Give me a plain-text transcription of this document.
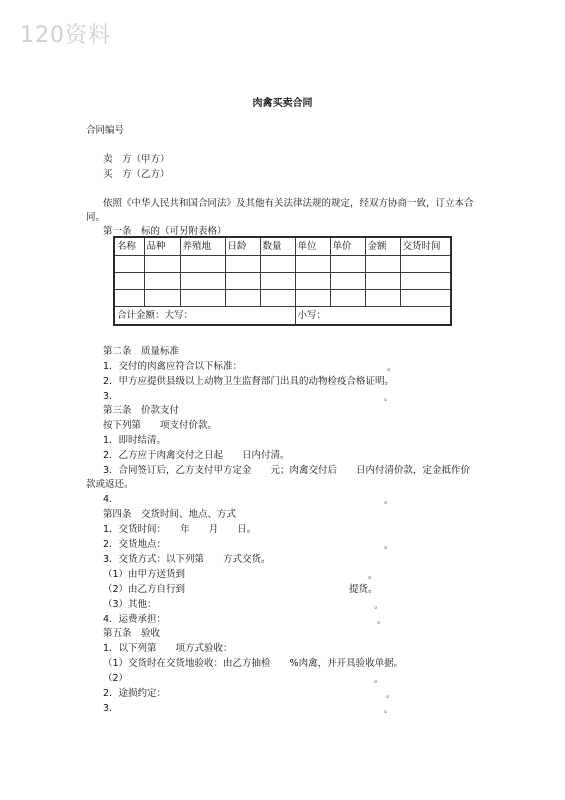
120资料
肉禽买卖合同
合同编号
卖　方（甲方）
买　方（乙方）
依照《中华人民共和国合同法》及其他有关法律法规的规定，经双方协商一致，订立本合
同。
第一条　标的（可另附表格）
名称	品种	养殖地	日龄	数量	单位	单价	金额	交货时间

合计金额：大写：					小写：			
第二条　质量标准
1．交付的肉禽应符合以下标准：	。
2．甲方应提供县级以上动物卫生监督部门出具的动物检疫合格证明。
3．	。
第三条　价款支付
按下列第　　项支付价款。
1．即时结清。
2．乙方应于肉禽交付之日起　　日内付清。
3．合同签订后，乙方支付甲方定金　　元；肉禽交付后　　日内付清价款，定金抵作价
款或返还。
4．	。
第四条　交货时间、地点、方式
1．交货时间：　　年　　月　　日。
2．交货地点：	。
3．交货方式：以下列第　　方式交货。
（1）由甲方送货到	。
（2）由乙方自行到	提货。
（3）其他：	。
4．运费承担：	。
第五条　验收
1．以下列第　　项方式验收：
（1）交货时在交货地验收：由乙方抽检　　%肉禽，并开具验收单据。
（2）	。
2．途损约定：	。
3．	。
